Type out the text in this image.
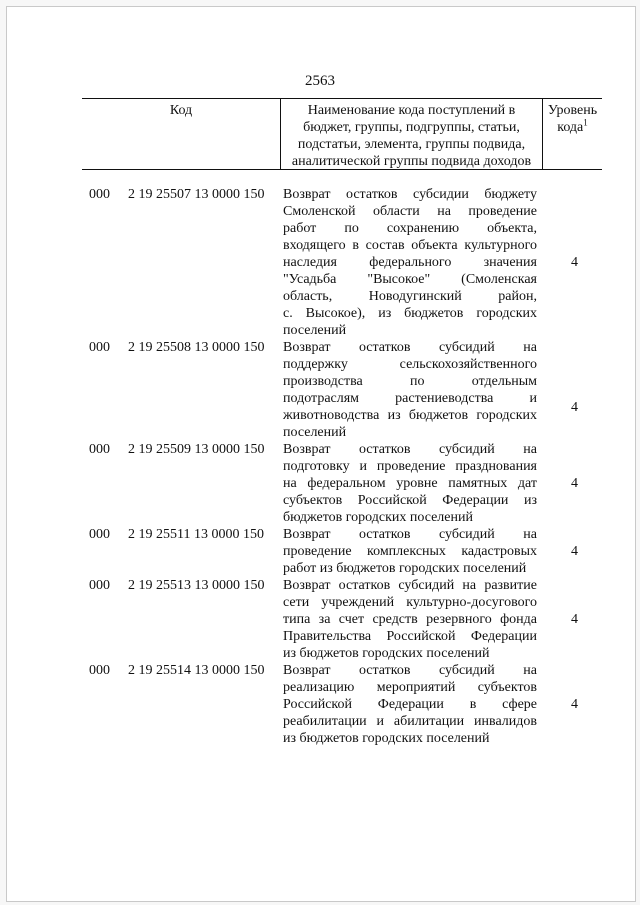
2563
Код	Наименование кода поступлений в
бюджет, группы, подгруппы, статьи,
подстатьи, элемента, группы подвида,
аналитической группы подвида доходов
Уровень
кода$^1$
000 2 19 25507 13 0000 150 Возврат остатков субсидии бюджету
Смоленской области на проведение
работ по сохранению объекта,
входящего в состав объекта культурного
наследия федерального значения
"Усадьба "Высокое" (Смоленская
область, Новодугинский район,
с. Высокое), из бюджетов городских
поселений
4
000 2 19 25508 13 0000 150 Возврат остатков субсидий на
поддержку сельскохозяйственного
производства по отдельным
подотраслям растениеводства и
животноводства из бюджетов городских
поселений
4
000 2 19 25509 13 0000 150 Возврат остатков субсидий на
подготовку и проведение празднования
на федеральном уровне памятных дат
субъектов Российской Федерации из
бюджетов городских поселений
4
000 2 19 25511 13 0000 150 Возврат остатков субсидий на
проведение комплексных кадастровых
работ из бюджетов городских поселений
4
000 2 19 25513 13 0000 150 Возврат остатков субсидий на развитие
сети учреждений культурно-досугового
типа за счет средств резервного фонда
Правительства Российской Федерации
из бюджетов городских поселений
4
000 2 19 25514 13 0000 150 Возврат остатков субсидий на
реализацию мероприятий субъектов
Российской Федерации в сфере
реабилитации и абилитации инвалидов
из бюджетов городских поселений
4
